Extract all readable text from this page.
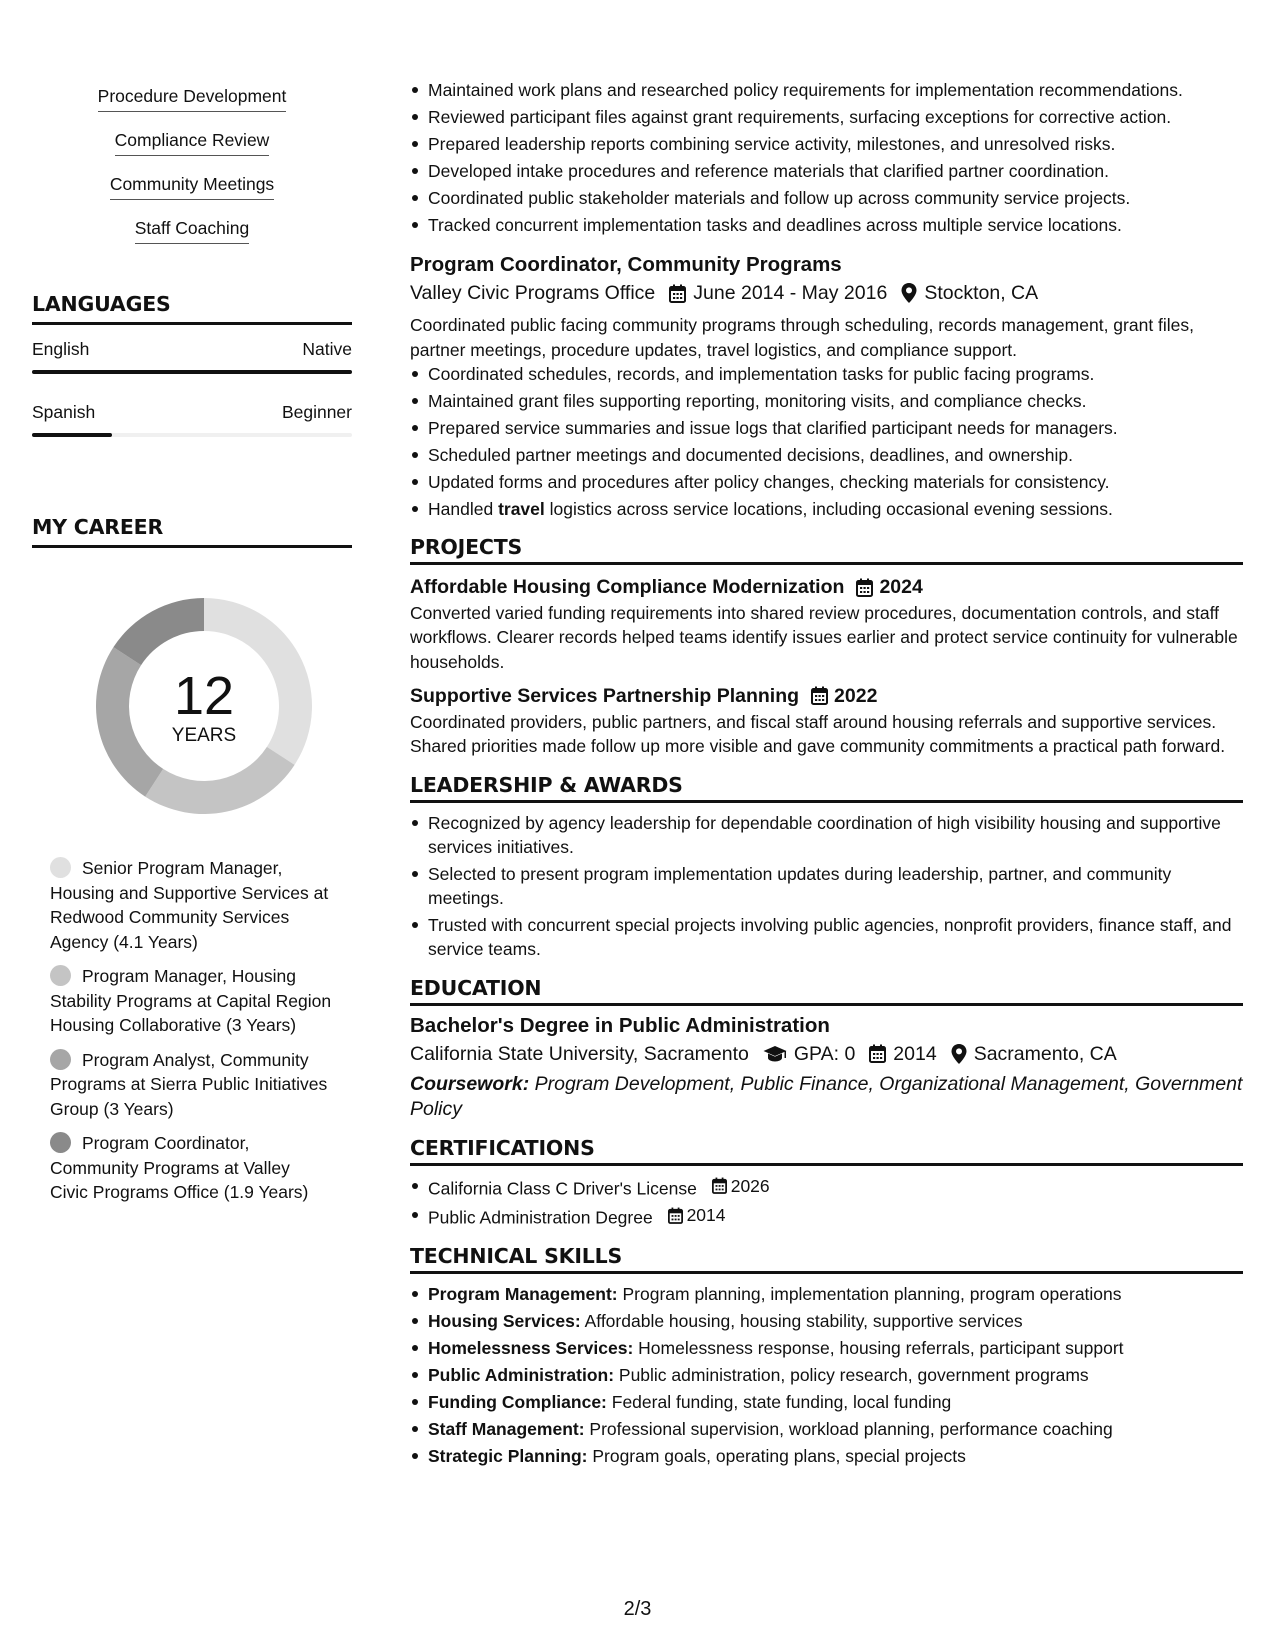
Procedure Development
Compliance Review
Community Meetings
Staff Coaching
LANGUAGES
English	Native
Spanish	Beginner
MY CAREER
12
YEARS
Senior Program Manager, Housing and Supportive Services at Redwood Community Services Agency (4.1 Years)
Program Manager, Housing Stability Programs at Capital Region Housing Collaborative (3 Years)
Program Analyst, Community Programs at Sierra Public Initiatives Group (3 Years)
Program Coordinator, Community Programs at Valley Civic Programs Office (1.9 Years)
Maintained work plans and researched policy requirements for implementation recommendations.
Reviewed participant files against grant requirements, surfacing exceptions for corrective action.
Prepared leadership reports combining service activity, milestones, and unresolved risks.
Developed intake procedures and reference materials that clarified partner coordination.
Coordinated public stakeholder materials and follow up across community service projects.
Tracked concurrent implementation tasks and deadlines across multiple service locations.
Program Coordinator, Community Programs
Valley Civic Programs Office June 2014 - May 2016 Stockton, CA
Coordinated public facing community programs through scheduling, records management, grant files, partner meetings, procedure updates, travel logistics, and compliance support.
Coordinated schedules, records, and implementation tasks for public facing programs.
Maintained grant files supporting reporting, monitoring visits, and compliance checks.
Prepared service summaries and issue logs that clarified participant needs for managers.
Scheduled partner meetings and documented decisions, deadlines, and ownership.
Updated forms and procedures after policy changes, checking materials for consistency.
Handled travel logistics across service locations, including occasional evening sessions.
PROJECTS
Affordable Housing Compliance Modernization 2024
Converted varied funding requirements into shared review procedures, documentation controls, and staff workflows. Clearer records helped teams identify issues earlier and protect service continuity for vulnerable households.
Supportive Services Partnership Planning 2022
Coordinated providers, public partners, and fiscal staff around housing referrals and supportive services. Shared priorities made follow up more visible and gave community commitments a practical path forward.
LEADERSHIP & AWARDS
Recognized by agency leadership for dependable coordination of high visibility housing and supportive services initiatives.
Selected to present program implementation updates during leadership, partner, and community meetings.
Trusted with concurrent special projects involving public agencies, nonprofit providers, finance staff, and service teams.
EDUCATION
Bachelor's Degree in Public Administration
California State University, Sacramento GPA: 0 2014 Sacramento, CA
Coursework: Program Development, Public Finance, Organizational Management, Government Policy
CERTIFICATIONS
California Class C Driver's License 2026
Public Administration Degree 2014
TECHNICAL SKILLS
Program Management: Program planning, implementation planning, program operations
Housing Services: Affordable housing, housing stability, supportive services
Homelessness Services: Homelessness response, housing referrals, participant support
Public Administration: Public administration, policy research, government programs
Funding Compliance: Federal funding, state funding, local funding
Staff Management: Professional supervision, workload planning, performance coaching
Strategic Planning: Program goals, operating plans, special projects
2/3
